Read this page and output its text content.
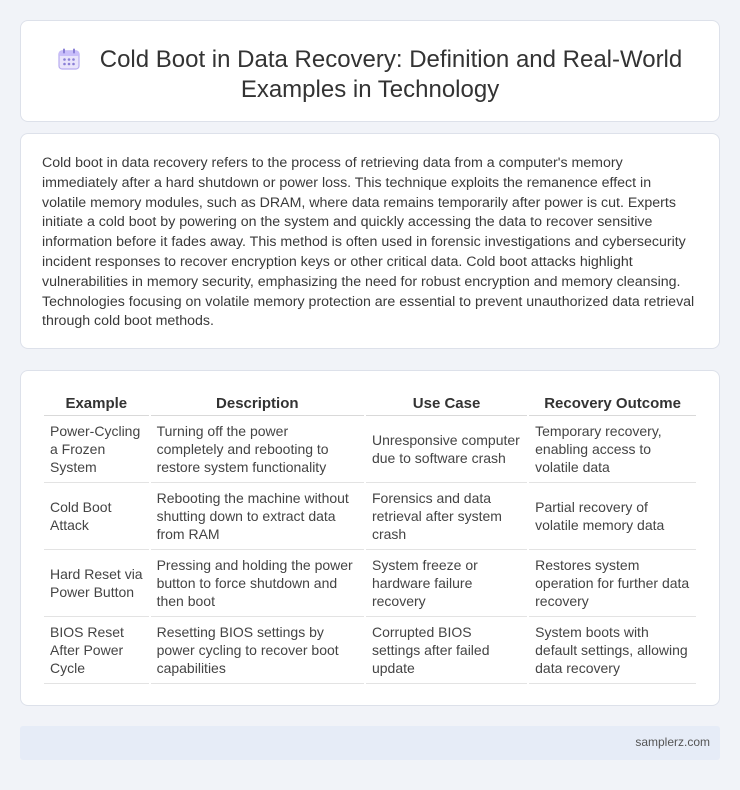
Cold Boot in Data Recovery: Definition and Real-World
Examples in Technology

Cold boot in data recovery refers to the process of retrieving data from a computer's memory immediately after a hard shutdown or power loss. This technique exploits the remanence effect in volatile memory modules, such as DRAM, where data remains temporarily after power is cut. Experts initiate a cold boot by powering on the system and quickly accessing the data to recover sensitive information before it fades away. This method is often used in forensic investigations and cybersecurity incident responses to recover encryption keys or other critical data. Cold boot attacks highlight vulnerabilities in memory security, emphasizing the need for robust encryption and memory cleansing. Technologies focusing on volatile memory protection are essential to prevent unauthorized data retrieval through cold boot methods.

Example	Description	Use Case	Recovery Outcome
Power-Cycling a Frozen System	Turning off the power completely and rebooting to restore system functionality	Unresponsive computer due to software crash	Temporary recovery, enabling access to volatile data
Cold Boot Attack	Rebooting the machine without shutting down to extract data from RAM	Forensics and data retrieval after system crash	Partial recovery of volatile memory data
Hard Reset via Power Button	Pressing and holding the power button to force shutdown and then boot	System freeze or hardware failure recovery	Restores system operation for further data recovery
BIOS Reset After Power Cycle	Resetting BIOS settings by power cycling to recover boot capabilities	Corrupted BIOS settings after failed update	System boots with default settings, allowing data recovery
samplerz.com
